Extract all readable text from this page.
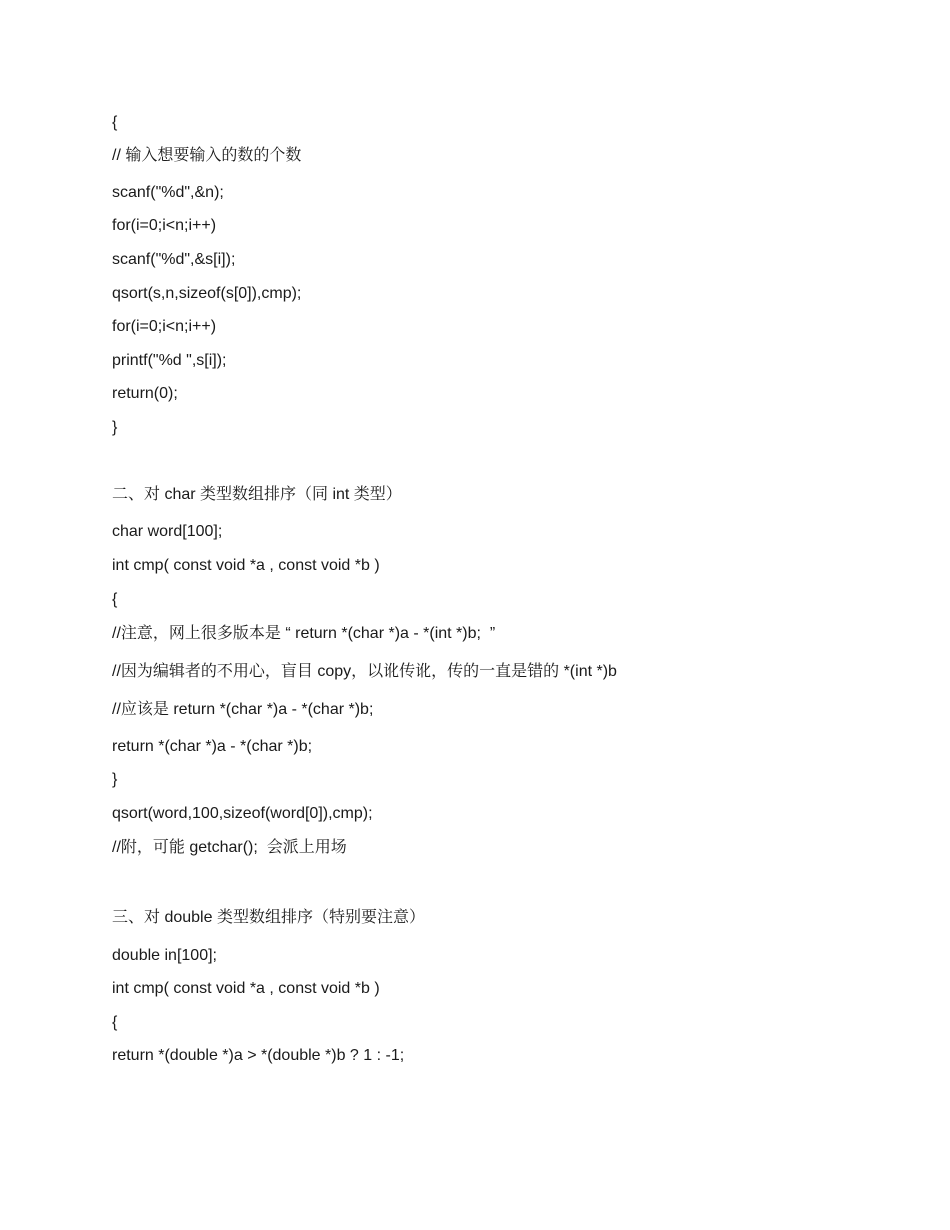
{
// 输入想要输入的数的个数
scanf("%d",&n);
for(i=0;i<n;i++)
scanf("%d",&s[i]);
qsort(s,n,sizeof(s[0]),cmp);
for(i=0;i<n;i++)
printf("%d ",s[i]);
return(0);
}
二、对 char 类型数组排序（同 int 类型）
char word[100];
int cmp( const void *a , const void *b )
{
//注意，网上很多版本是 “ return *(char *)a - *(int *)b;  ”
//因为编辑者的不用心，盲目 copy，以讹传讹，传的一直是错的 *(int *)b
//应该是 return *(char *)a - *(char *)b;
return *(char *)a - *(char *)b;
}
qsort(word,100,sizeof(word[0]),cmp);
//附，可能 getchar();  会派上用场
三、对 double 类型数组排序（特别要注意）
double in[100];
int cmp( const void *a , const void *b )
{
return *(double *)a > *(double *)b ? 1 : -1;
